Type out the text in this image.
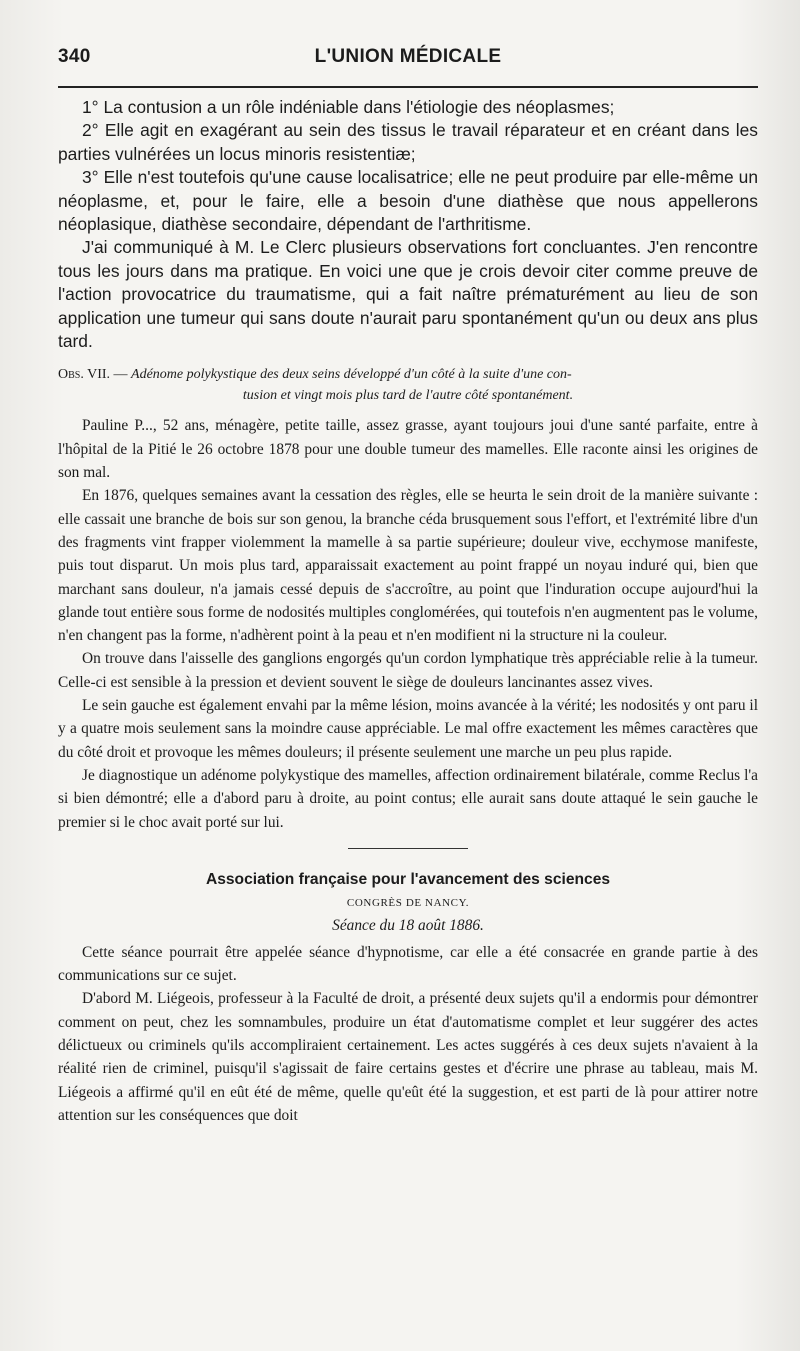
340	L'UNION MÉDICALE

1° La contusion a un rôle indéniable dans l'étiologie des néoplasmes;

2° Elle agit en exagérant au sein des tissus le travail réparateur et en créant dans les parties vulnérées un locus minoris resistentiæ;

3° Elle n'est toutefois qu'une cause localisatrice; elle ne peut produire par elle-même un néoplasme, et, pour le faire, elle a besoin d'une diathèse que nous appellerons néoplasique, diathèse secondaire, dépendant de l'arthritisme.

J'ai communiqué à M. Le Clerc plusieurs observations fort concluantes. J'en rencontre tous les jours dans ma pratique. En voici une que je crois devoir citer comme preuve de l'action provocatrice du traumatisme, qui a fait naître prématurément au lieu de son application une tumeur qui sans doute n'aurait paru spontanément qu'un ou deux ans plus tard.

Obs. VII. — Adénome polykystique des deux seins développé d'un côté à la suite d'une con-

tusion et vingt mois plus tard de l'autre côté spontanément.

Pauline P..., 52 ans, ménagère, petite taille, assez grasse, ayant toujours joui d'une santé parfaite, entre à l'hôpital de la Pitié le 26 octobre 1878 pour une double tumeur des mamelles. Elle raconte ainsi les origines de son mal.

En 1876, quelques semaines avant la cessation des règles, elle se heurta le sein droit de la manière suivante : elle cassait une branche de bois sur son genou, la branche céda brusquement sous l'effort, et l'extrémité libre d'un des fragments vint frapper violemment la mamelle à sa partie supérieure; douleur vive, ecchymose manifeste, puis tout disparut. Un mois plus tard, apparaissait exactement au point frappé un noyau induré qui, bien que marchant sans douleur, n'a jamais cessé depuis de s'accroître, au point que l'induration occupe aujourd'hui la glande tout entière sous forme de nodosités multiples conglomérées, qui toutefois n'en augmentent pas le volume, n'en changent pas la forme, n'adhèrent point à la peau et n'en modifient ni la structure ni la couleur.

On trouve dans l'aisselle des ganglions engorgés qu'un cordon lymphatique très appréciable relie à la tumeur. Celle-ci est sensible à la pression et devient souvent le siège de douleurs lancinantes assez vives.

Le sein gauche est également envahi par la même lésion, moins avancée à la vérité; les nodosités y ont paru il y a quatre mois seulement sans la moindre cause appréciable. Le mal offre exactement les mêmes caractères que du côté droit et provoque les mêmes douleurs; il présente seulement une marche un peu plus rapide.

Je diagnostique un adénome polykystique des mamelles, affection ordinairement bilatérale, comme Reclus l'a si bien démontré; elle a d'abord paru à droite, au point contus; elle aurait sans doute attaqué le sein gauche le premier si le choc avait porté sur lui.

Association française pour l'avancement des sciences
CONGRÈS DE NANCY.
Séance du 18 août 1886.

Cette séance pourrait être appelée séance d'hypnotisme, car elle a été consacrée en grande partie à des communications sur ce sujet.

D'abord M. Liégeois, professeur à la Faculté de droit, a présenté deux sujets qu'il a endormis pour démontrer comment on peut, chez les somnambules, produire un état d'automatisme complet et leur suggérer des actes délictueux ou criminels qu'ils accompliraient certainement. Les actes suggérés à ces deux sujets n'avaient à la réalité rien de criminel, puisqu'il s'agissait de faire certains gestes et d'écrire une phrase au tableau, mais M. Liégeois a affirmé qu'il en eût été de même, quelle qu'eût été la suggestion, et est parti de là pour attirer notre attention sur les conséquences que doit
